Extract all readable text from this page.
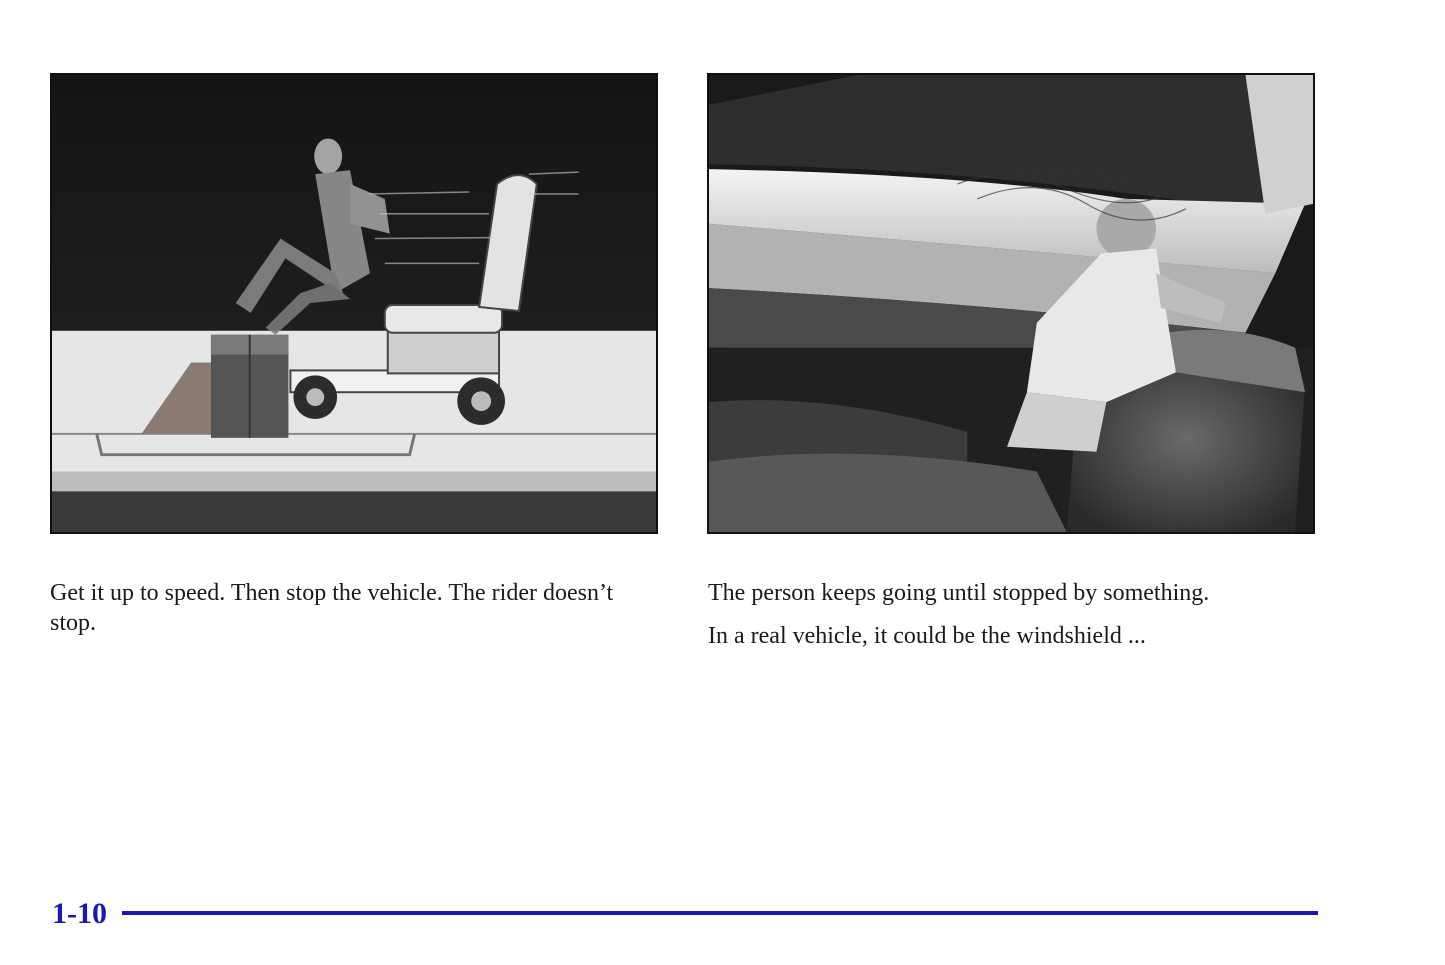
Get it up to speed. Then stop the vehicle. The rider doesn’t stop.

The person keeps going until stopped by something.

In a real vehicle, it could be the windshield ...

1-10
